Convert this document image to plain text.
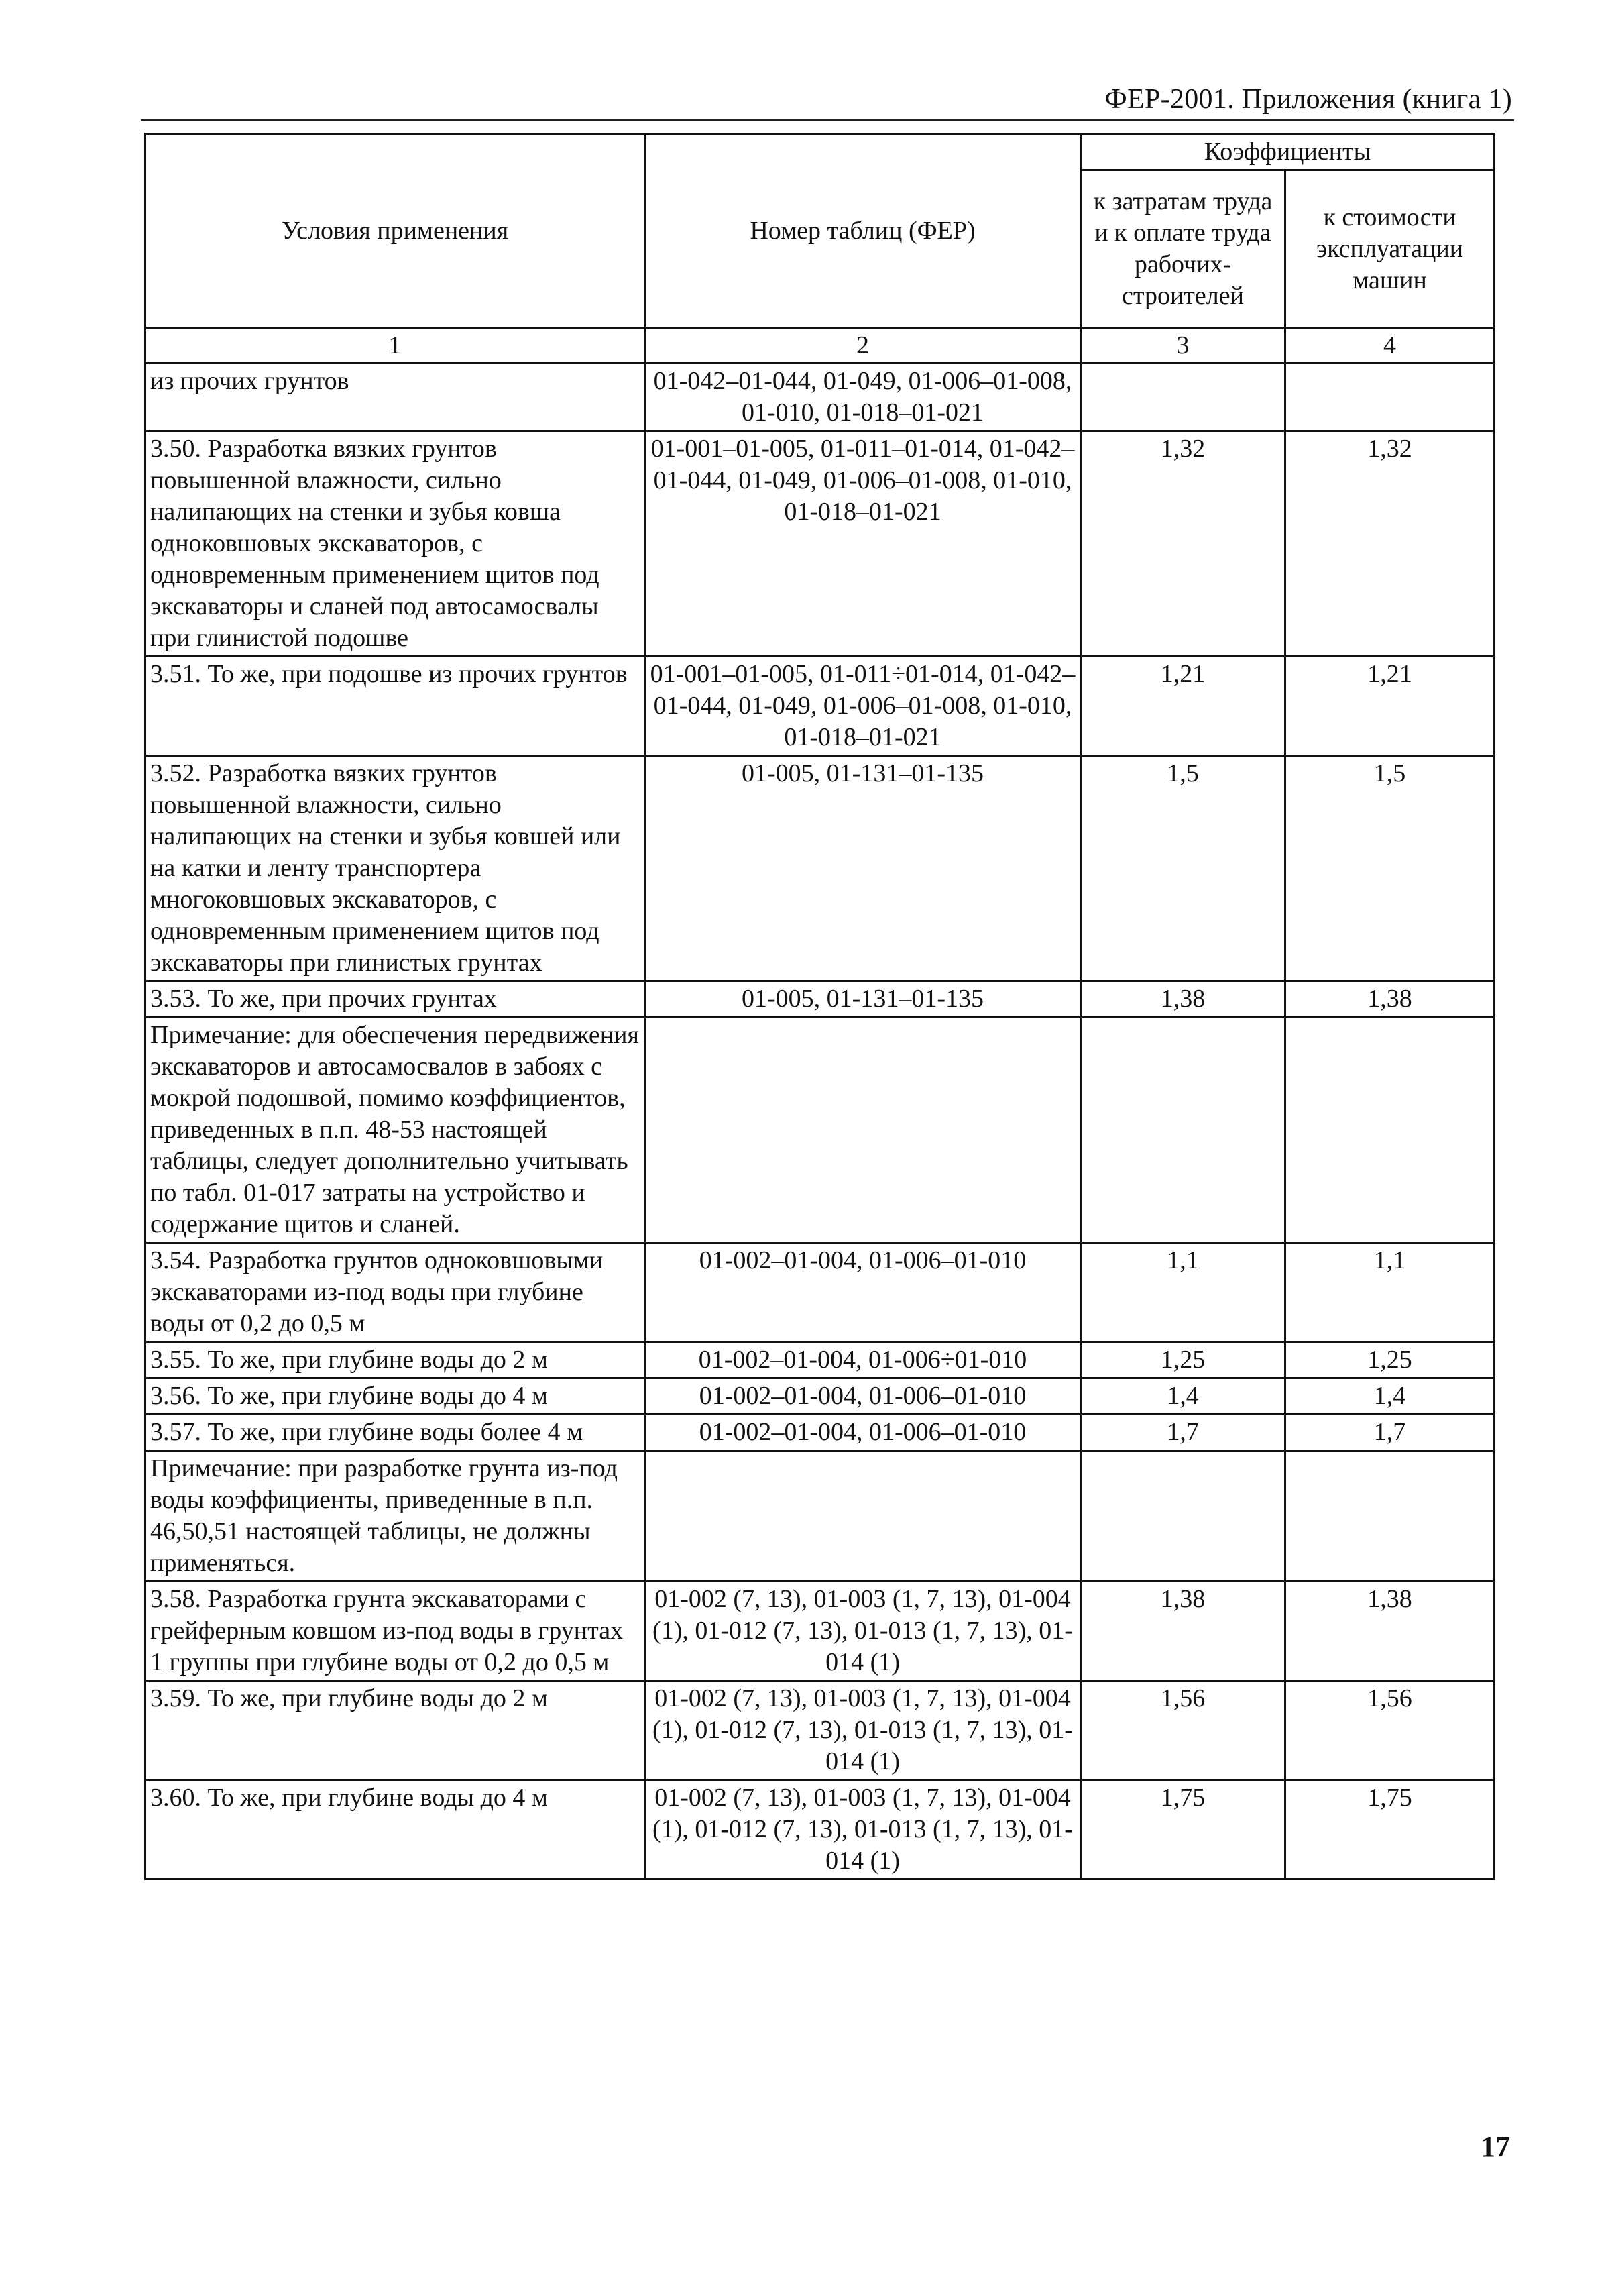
ФЕР-2001. Приложения (книга 1)
Условия применения	Номер таблиц (ФЕР)	Коэффициенты	
		к затратам труда и к оплате труда рабочих-строителей	к стоимости эксплуатации машин
1	2	3	4
из прочих грунтов	01-042–01-044, 01-049, 01-006–01-008, 01-010, 01-018–01-021		
3.50. Разработка вязких грунтов повышенной влажности, сильно налипающих на стенки и зубья ковша одноковшовых экскаваторов, с одновременным применением щитов под экскаваторы и сланей под автосамосвалы при глинистой подошве	01-001–01-005, 01-011–01-014, 01-042–01-044, 01-049, 01-006–01-008, 01-010, 01-018–01-021	1,32	1,32
3.51. То же, при подошве из прочих грунтов	01-001–01-005, 01-011÷01-014, 01-042–01-044, 01-049, 01-006–01-008, 01-010, 01-018–01-021	1,21	1,21
3.52. Разработка вязких грунтов повышенной влажности, сильно налипающих на стенки и зубья ковшей или на катки и ленту транспортера многоковшовых экскаваторов, с одновременным применением щитов под экскаваторы при глинистых грунтах	01-005, 01-131–01-135	1,5	1,5
3.53. То же, при прочих грунтах	01-005, 01-131–01-135	1,38	1,38
Примечание: для обеспечения передвижения экскаваторов и автосамосвалов в забоях с мокрой подошвой, помимо коэффициентов, приведенных в п.п. 48-53 настоящей таблицы, следует дополнительно учитывать по табл. 01-017 затраты на устройство и содержание щитов и сланей.			
3.54. Разработка грунтов одноковшовыми экскаваторами из-под воды при глубине воды от 0,2 до 0,5 м	01-002–01-004, 01-006–01-010	1,1	1,1
3.55. То же, при глубине воды до 2 м	01-002–01-004, 01-006÷01-010	1,25	1,25
3.56. То же, при глубине воды до 4 м	01-002–01-004, 01-006–01-010	1,4	1,4
3.57. То же, при глубине воды более 4 м	01-002–01-004, 01-006–01-010	1,7	1,7
Примечание: при разработке грунта из-под воды коэффициенты, приведенные в п.п. 46,50,51 настоящей таблицы, не должны применяться.			
3.58. Разработка грунта экскаваторами с грейферным ковшом из-под воды в грунтах 1 группы при глубине воды от 0,2 до 0,5 м	01-002 (7, 13), 01-003 (1, 7, 13), 01-004 (1), 01-012 (7, 13), 01-013 (1, 7, 13), 01-014 (1)	1,38	1,38
3.59. То же, при глубине воды до 2 м	01-002 (7, 13), 01-003 (1, 7, 13), 01-004 (1), 01-012 (7, 13), 01-013 (1, 7, 13), 01-014 (1)	1,56	1,56
3.60. То же, при глубине воды до 4 м	01-002 (7, 13), 01-003 (1, 7, 13), 01-004 (1), 01-012 (7, 13), 01-013 (1, 7, 13), 01-014 (1)	1,75	1,75
17
